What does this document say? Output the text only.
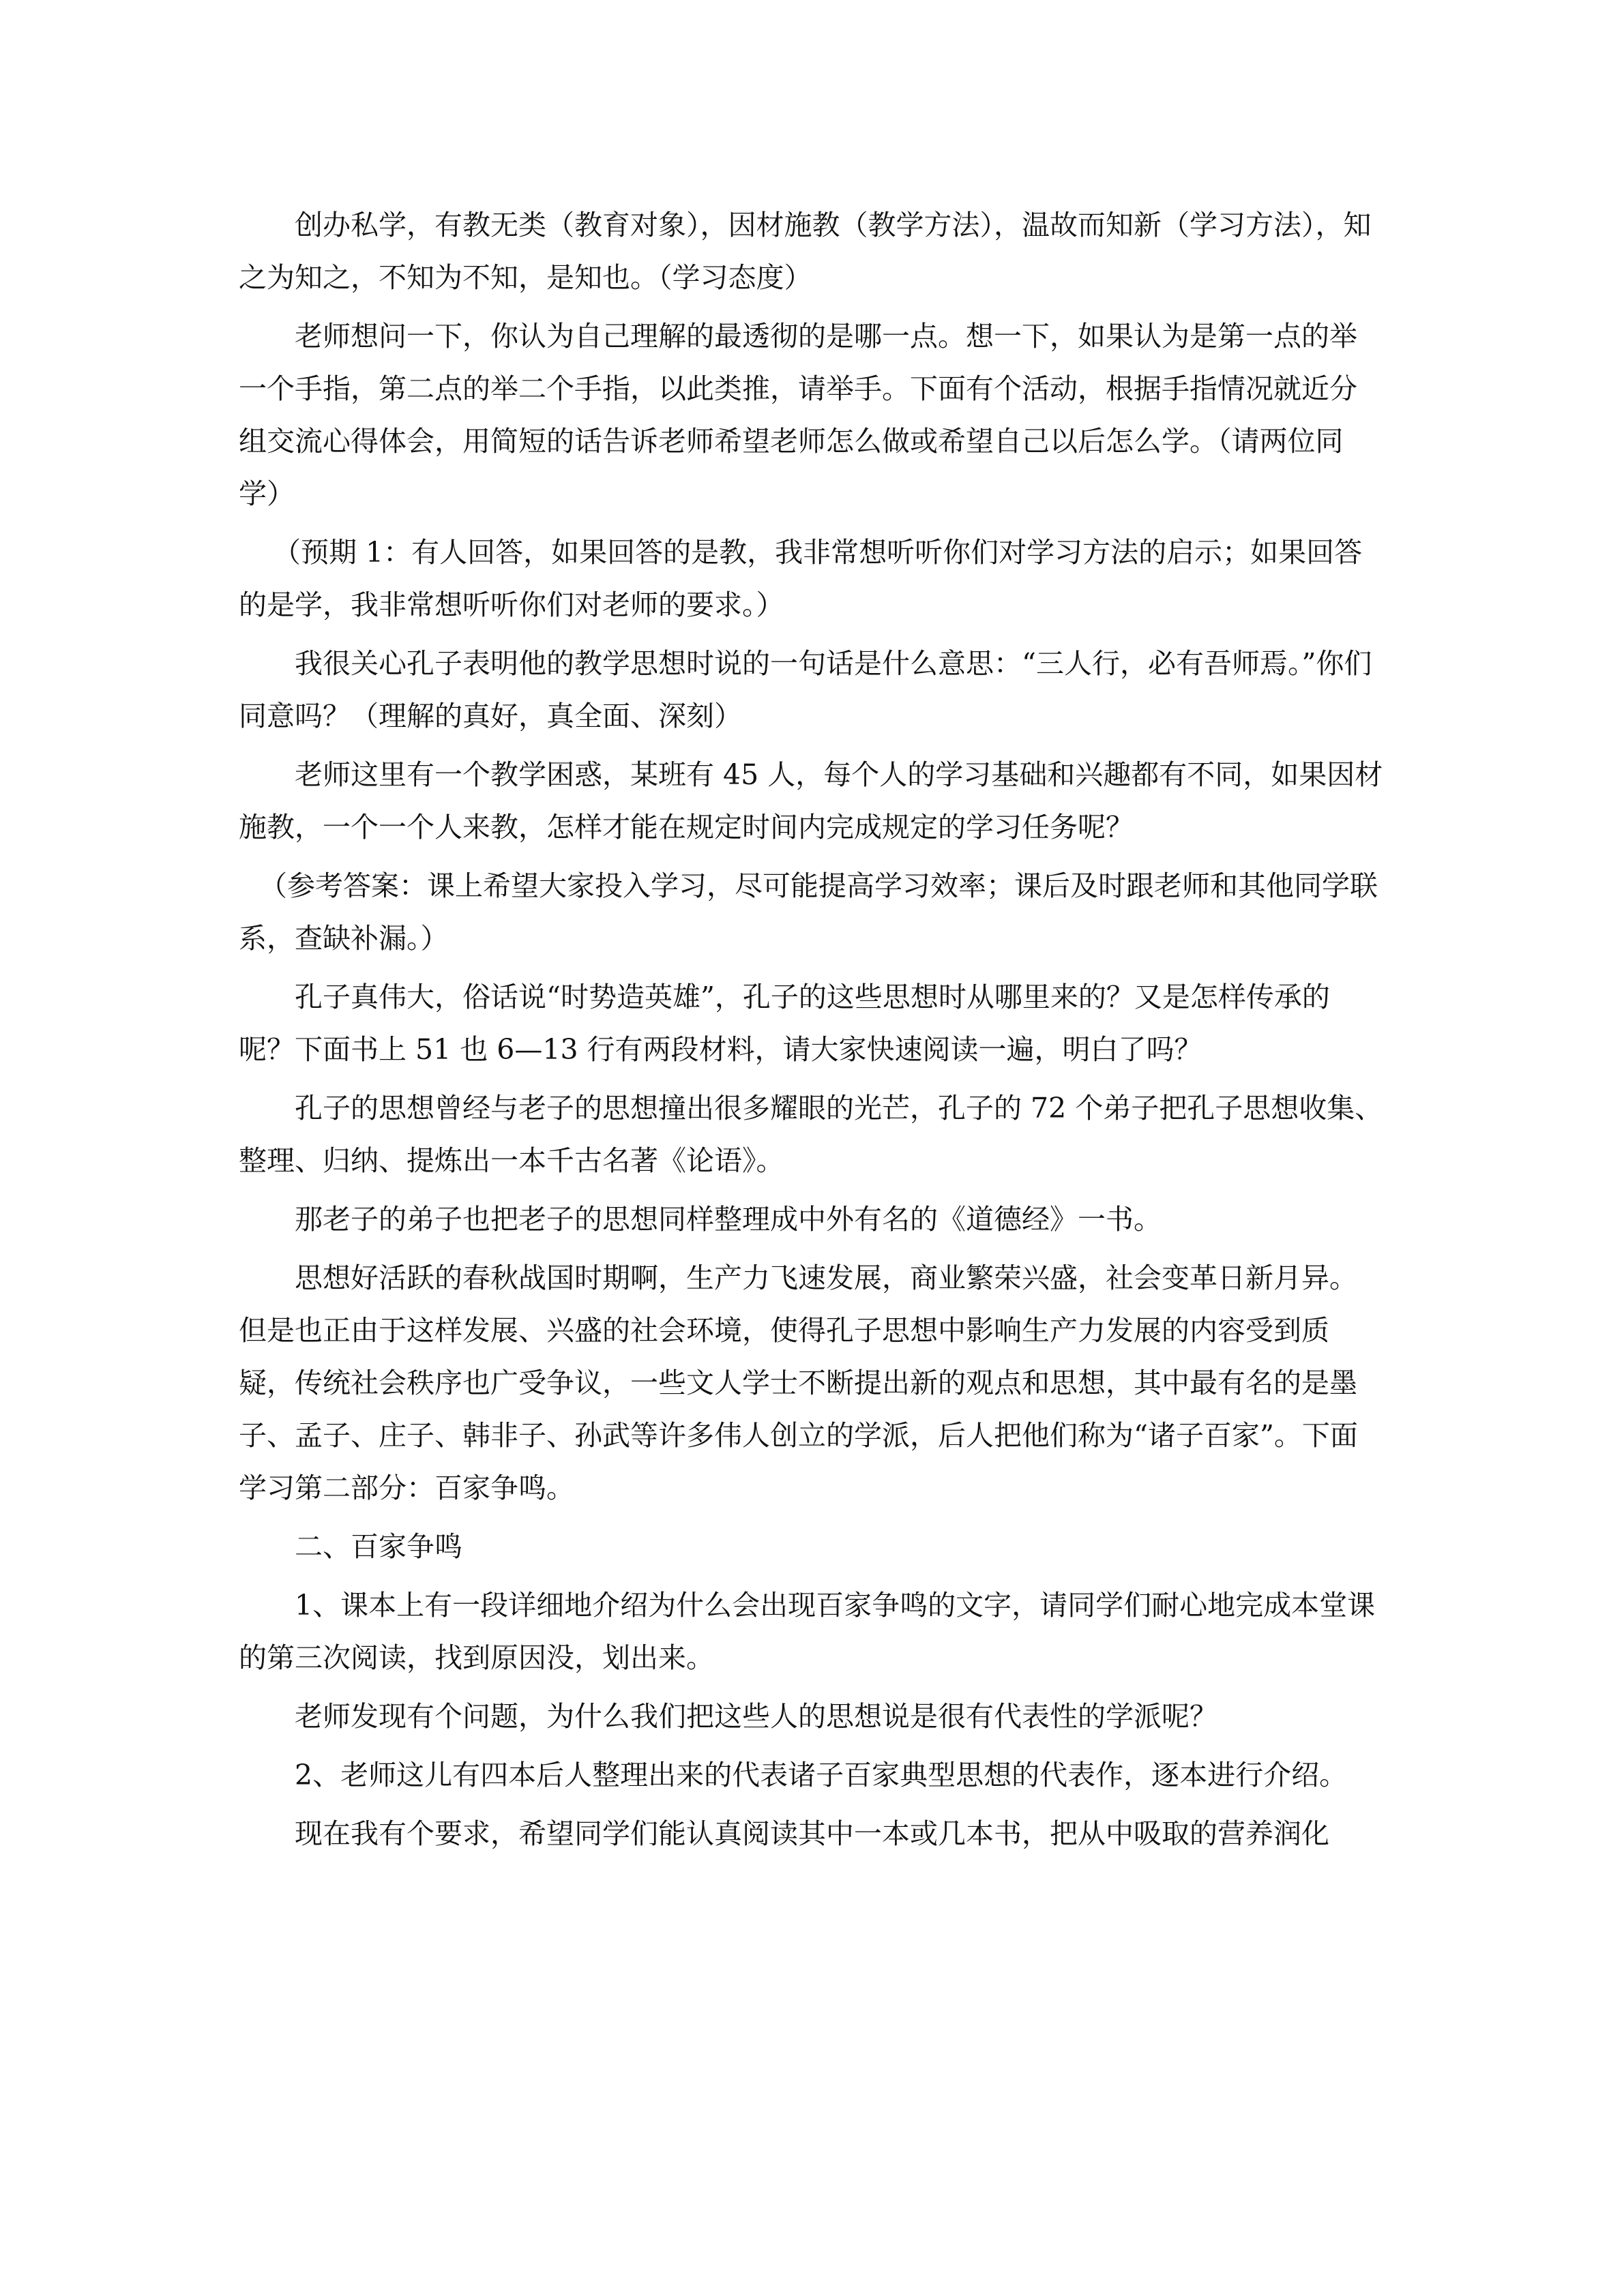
创办私学，有教无类（教育对象），因材施教（教学方法），温故而知新（学习方法），知之为知之，不知为不知，是知也。（学习态度）

老师想问一下，你认为自己理解的最透彻的是哪一点。想一下，如果认为是第一点的举一个手指，第二点的举二个手指，以此类推，请举手。下面有个活动，根据手指情况就近分组交流心得体会，用简短的话告诉老师希望老师怎么做或希望自己以后怎么学。（请两位同学）

（预期 1：有人回答，如果回答的是教，我非常想听听你们对学习方法的启示；如果回答的是学，我非常想听听你们对老师的要求。）

我很关心孔子表明他的教学思想时说的一句话是什么意思：“三人行，必有吾师焉。”你们同意吗？（理解的真好，真全面、深刻）

老师这里有一个教学困惑，某班有 45 人，每个人的学习基础和兴趣都有不同，如果因材施教，一个一个人来教，怎样才能在规定时间内完成规定的学习任务呢？

（参考答案：课上希望大家投入学习，尽可能提高学习效率；课后及时跟老师和其他同学联系，查缺补漏。）

孔子真伟大，俗话说“时势造英雄”，孔子的这些思想时从哪里来的？又是怎样传承的呢？下面书上 51 也 6—13 行有两段材料，请大家快速阅读一遍，明白了吗？

孔子的思想曾经与老子的思想撞出很多耀眼的光芒，孔子的 72 个弟子把孔子思想收集、整理、归纳、提炼出一本千古名著《论语》。

那老子的弟子也把老子的思想同样整理成中外有名的《道德经》一书。

思想好活跃的春秋战国时期啊，生产力飞速发展，商业繁荣兴盛，社会变革日新月异。但是也正由于这样发展、兴盛的社会环境，使得孔子思想中影响生产力发展的内容受到质疑，传统社会秩序也广受争议，一些文人学士不断提出新的观点和思想，其中最有名的是墨子、孟子、庄子、韩非子、孙武等许多伟人创立的学派，后人把他们称为“诸子百家”。下面学习第二部分：百家争鸣。

二、百家争鸣

1、课本上有一段详细地介绍为什么会出现百家争鸣的文字，请同学们耐心地完成本堂课的第三次阅读，找到原因没，划出来。

老师发现有个问题，为什么我们把这些人的思想说是很有代表性的学派呢？

2、老师这儿有四本后人整理出来的代表诸子百家典型思想的代表作，逐本进行介绍。

现在我有个要求，希望同学们能认真阅读其中一本或几本书，把从中吸取的营养润化
